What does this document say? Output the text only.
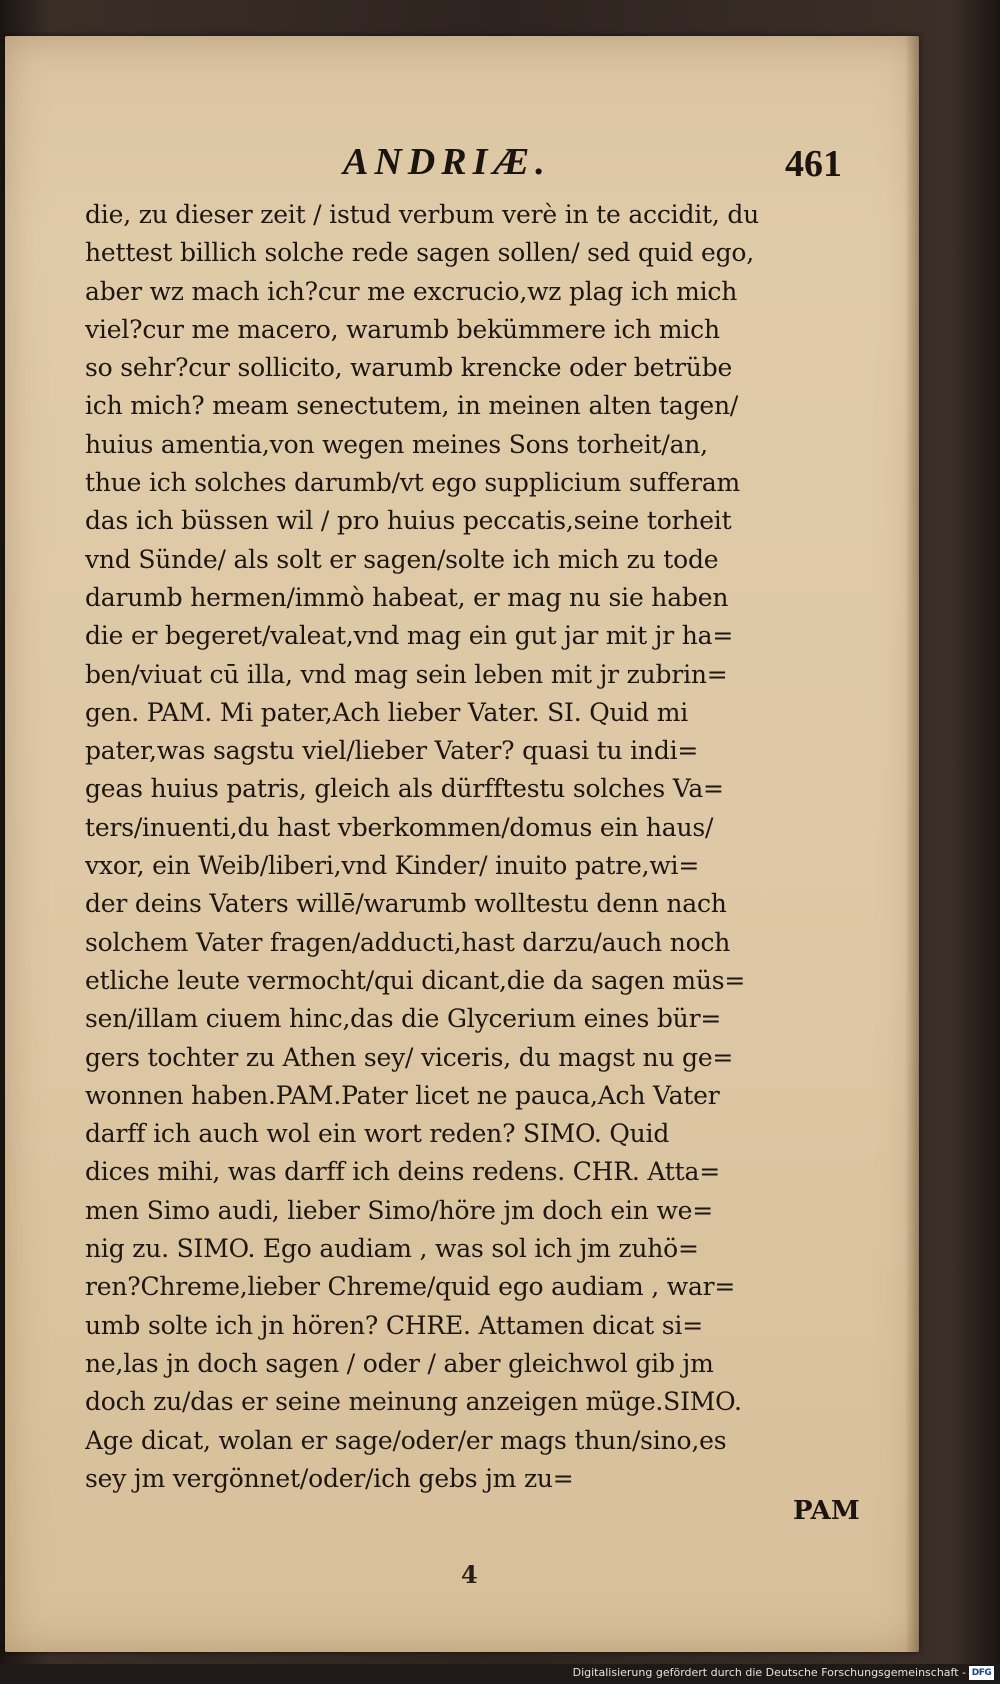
ANDRIÆ.	461
die, zu dieser zeit / istud verbum verè in te accidit, du
hettest billich solche rede sagen sollen/ sed quid ego,
aber wz mach ich?cur me excrucio,wz plag ich mich
viel?cur me macero, warumb bekümmere ich mich
so sehr?cur sollicito, warumb krencke oder betrübe
ich mich? meam senectutem, in meinen alten tagen/
huius amentia,von wegen meines Sons torheit/an,
thue ich solches darumb/vt ego supplicium sufferam
das ich büssen wil / pro huius peccatis,seine torheit
vnd Sünde/ als solt er sagen/solte ich mich zu tode
darumb hermen/immò habeat, er mag nu sie haben
die er begeret/valeat,vnd mag ein gut jar mit jr ha=
ben/viuat cū illa, vnd mag sein leben mit jr zubrin=
gen. PAM. Mi pater,Ach lieber Vater. SI. Quid mi
pater,was sagstu viel/lieber Vater? quasi tu indi=
geas huius patris, gleich als dürfftestu solches Va=
ters/inuenti,du hast vberkommen/domus ein haus/
vxor, ein Weib/liberi,vnd Kinder/ inuito patre,wi=
der deins Vaters willē/warumb wolltestu denn nach
solchem Vater fragen/adducti,hast darzu/auch noch
etliche leute vermocht/qui dicant,die da sagen müs=
sen/illam ciuem hinc,das die Glycerium eines bür=
gers tochter zu Athen sey/ viceris, du magst nu ge=
wonnen haben.PAM.Pater licet ne pauca,Ach Vater
darff ich auch wol ein wort reden? SIMO. Quid
dices mihi, was darff ich deins redens. CHR. Atta=
men Simo audi, lieber Simo/höre jm doch ein we=
nig zu. SIMO. Ego audiam , was sol ich jm zuhö=
ren?Chreme,lieber Chreme/quid ego audiam , war=
umb solte ich jn hören? CHRE. Attamen dicat si=
ne,las jn doch sagen / oder / aber gleichwol gib jm
doch zu/das er seine meinung anzeigen müge.SIMO.
Age dicat, wolan er sage/oder/er mags thun/sino,es
sey jm vergönnet/oder/ich gebs jm zu=
PAM
4
Digitalisierung gefördert durch die Deutsche Forschungsgemeinschaft - DFG
